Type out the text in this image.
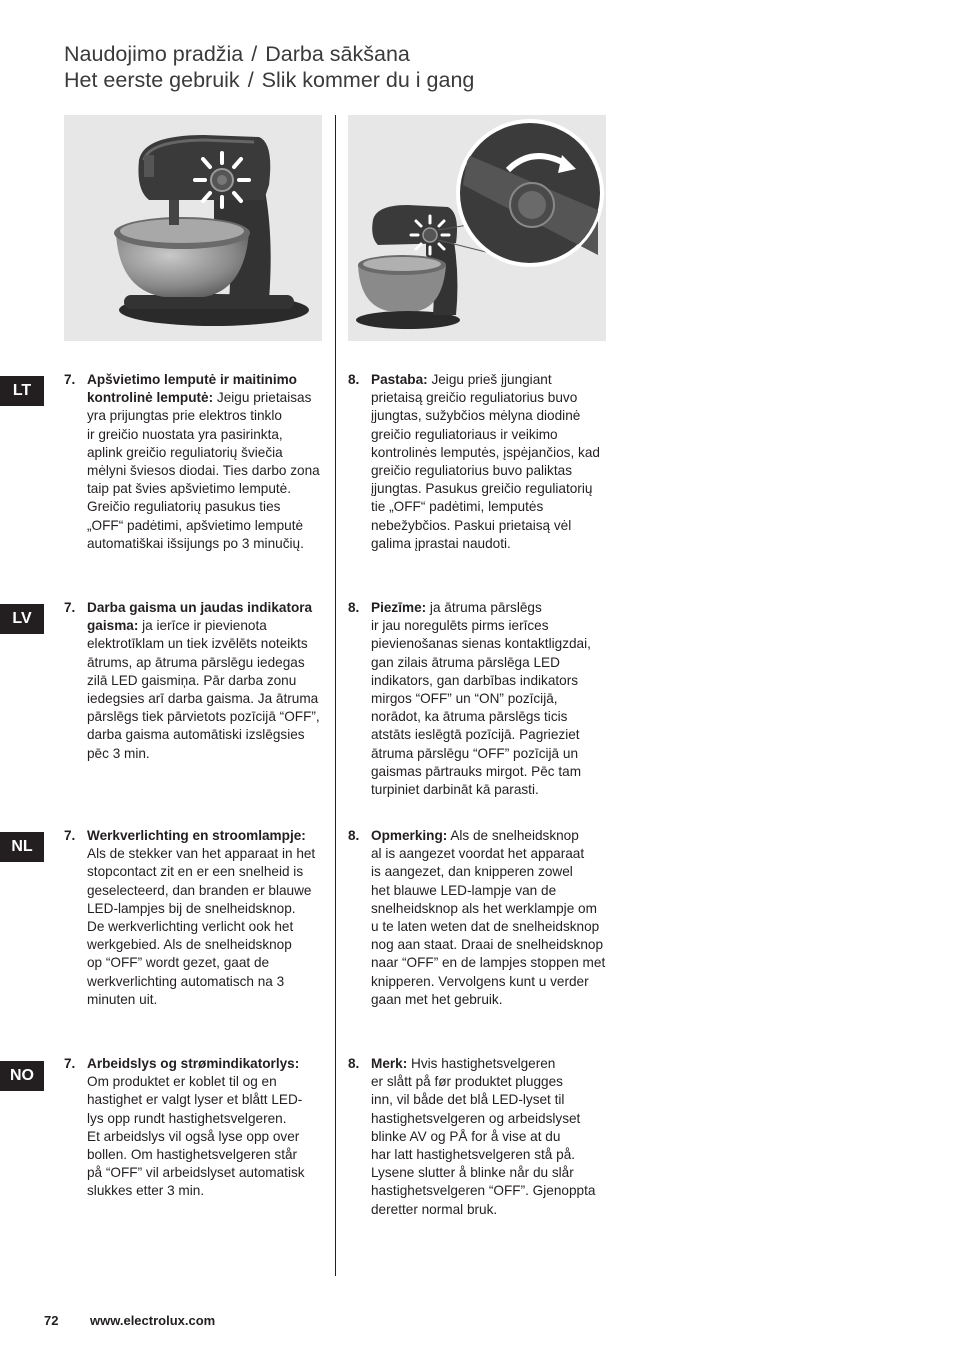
Naudojimo pradžia / Darba sākšana
Het eerste gebruik / Slik kommer du i gang
LT
LV
NL
NO
7. Apšvietimo lemputė ir maitinimo
kontrolinė lemputė: Jeigu prietaisas
yra prijungtas prie elektros tinklo
ir greičio nuostata yra pasirinkta,
aplink greičio reguliatorių šviečia
mėlyni šviesos diodai. Ties darbo zona
taip pat švies apšvietimo lemputė.
Greičio reguliatorių pasukus ties
„OFF“ padėtimi, apšvietimo lemputė
automatiškai išsijungs po 3 minučių.
8. Pastaba: Jeigu prieš įjungiant
prietaisą greičio reguliatorius buvo
įjungtas, sužybčios mėlyna diodinė
greičio reguliatoriaus ir veikimo
kontrolinės lemputės, įspėjančios, kad
greičio reguliatorius buvo paliktas
įjungtas. Pasukus greičio reguliatorių
tie „OFF“ padėtimi, lemputės
nebežybčios. Paskui prietaisą vėl
galima įprastai naudoti.
7. Darba gaisma un jaudas indikatora
gaisma: ja ierīce ir pievienota
elektrotīklam un tiek izvēlēts noteikts
ātrums, ap ātruma pārslēgu iedegas
zilā LED gaismiņa. Pār darba zonu
iedegsies arī darba gaisma. Ja ātruma
pārslēgs tiek pārvietots pozīcijā “OFF”,
darba gaisma automātiski izslēgsies
pēc 3 min.
8. Piezīme: ja ātruma pārslēgs
ir jau noregulēts pirms ierīces
pievienošanas sienas kontaktligzdai,
gan zilais ātruma pārslēga LED
indikators, gan darbības indikators
mirgos “OFF” un “ON” pozīcijā,
norādot, ka ātruma pārslēgs ticis
atstāts ieslēgtā pozīcijā. Pagrieziet
ātruma pārslēgu “OFF” pozīcijā un
gaismas pārtrauks mirgot. Pēc tam
turpiniet darbināt kā parasti.
7. Werkverlichting en stroomlampje:
Als de stekker van het apparaat in het
stopcontact zit en er een snelheid is
geselecteerd, dan branden er blauwe
LED-lampjes bij de snelheidsknop.
De werkverlichting verlicht ook het
werkgebied. Als de snelheidsknop
op “OFF” wordt gezet, gaat de
werkverlichting automatisch na 3
minuten uit.
8. Opmerking: Als de snelheidsknop
al is aangezet voordat het apparaat
is aangezet, dan knipperen zowel
het blauwe LED-lampje van de
snelheidsknop als het werklampje om
u te laten weten dat de snelheidsknop
nog aan staat. Draai de snelheidsknop
naar “OFF” en de lampjes stoppen met
knipperen. Vervolgens kunt u verder
gaan met het gebruik.
7. Arbeidslys og strømindikatorlys:
Om produktet er koblet til og en
hastighet er valgt lyser et blått LED-
lys opp rundt hastighetsvelgeren.
Et arbeidslys vil også lyse opp over
bollen. Om hastighetsvelgeren står
på “OFF” vil arbeidslyset automatisk
slukkes etter 3 min.
8. Merk: Hvis hastighetsvelgeren
er slått på før produktet plugges
inn, vil både det blå LED-lyset til
hastighetsvelgeren og arbeidslyset
blinke AV og PÅ for å vise at du
har latt hastighetsvelgeren stå på.
Lysene slutter å blinke når du slår
hastighetsvelgeren “OFF”. Gjenoppta
deretter normal bruk.
72 www.electrolux.com
